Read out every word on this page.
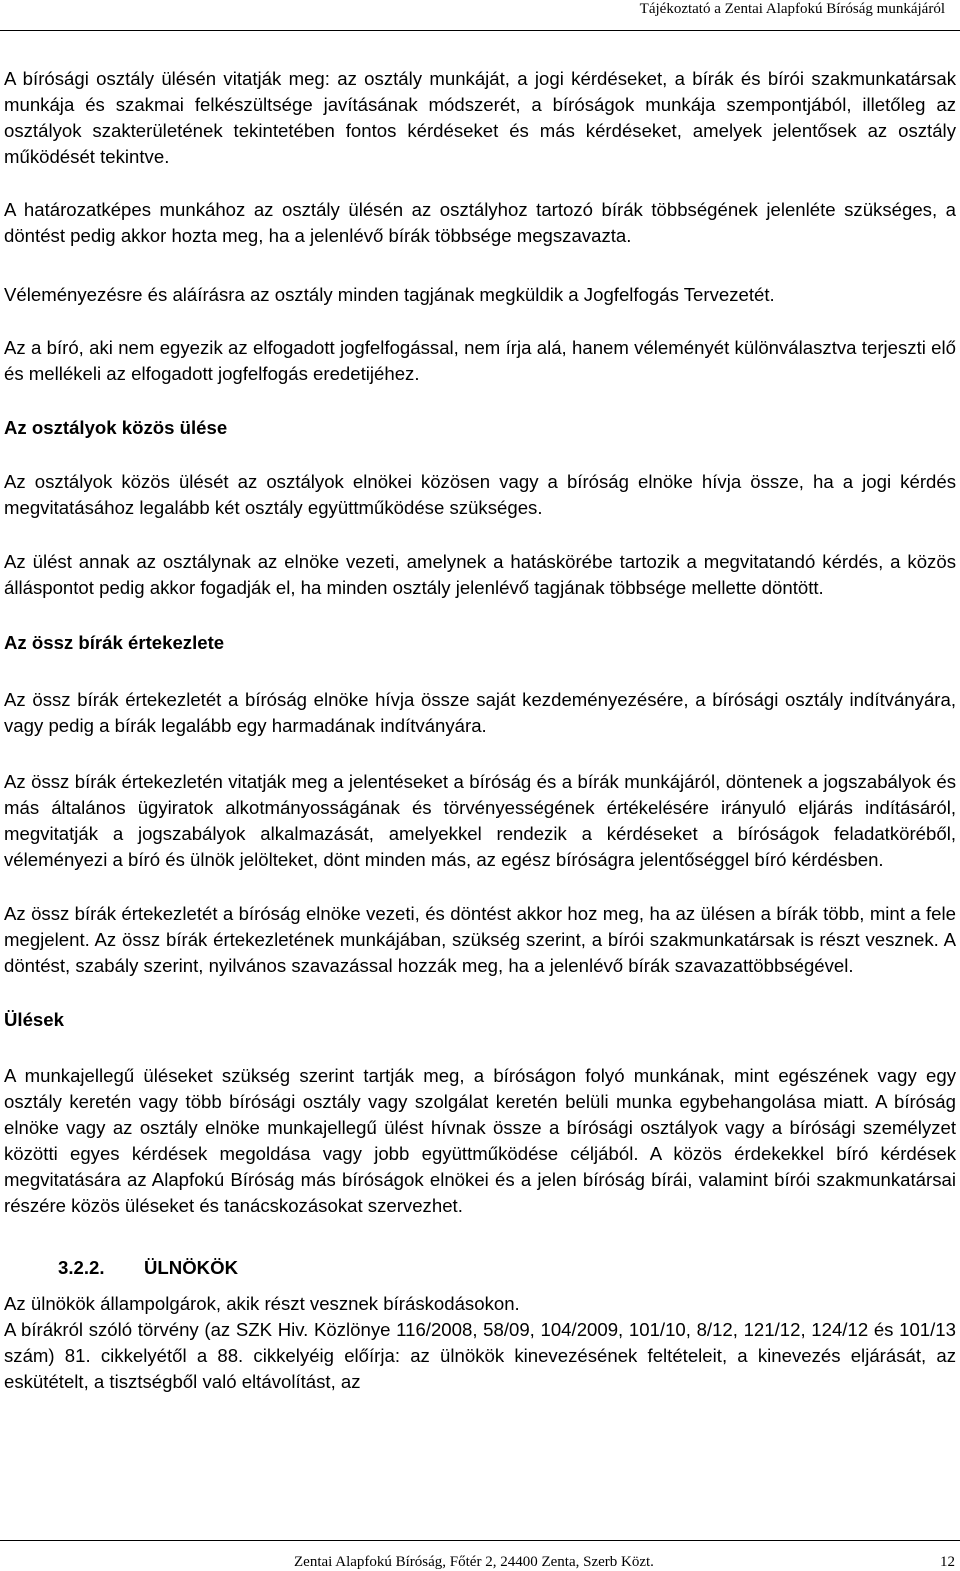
Tájékoztató a Zentai Alapfokú Bíróság munkájáról

A bírósági osztály ülésén vitatják meg: az osztály munkáját, a jogi kérdéseket, a bírák és bírói szakmunkatársak munkája és szakmai felkészültsége javításának módszerét, a bíróságok munkája szempontjából, illetőleg az osztályok szakterületének tekintetében fontos kérdéseket és más kérdéseket, amelyek jelentősek az osztály működését tekintve.

A határozatképes munkához az osztály ülésén az osztályhoz tartozó bírák többségének jelenléte szükséges, a döntést pedig akkor hozta meg, ha a jelenlévő bírák többsége megszavazta.

Véleményezésre és aláírásra az osztály minden tagjának megküldik a Jogfelfogás Tervezetét.

Az a bíró, aki nem egyezik az elfogadott jogfelfogással, nem írja alá, hanem véleményét különválasztva terjeszti elő és mellékeli az elfogadott jogfelfogás eredetijéhez.

Az osztályok közös ülése

Az osztályok közös ülését az osztályok elnökei közösen vagy a bíróság elnöke hívja össze, ha a jogi kérdés megvitatásához legalább két osztály együttműködése szükséges.

Az ülést annak az osztálynak az elnöke vezeti, amelynek a hatáskörébe tartozik a megvitatandó kérdés, a közös álláspontot pedig akkor fogadják el, ha minden osztály jelenlévő tagjának többsége mellette döntött.

Az össz bírák értekezlete

Az össz bírák értekezletét a bíróság elnöke hívja össze saját kezdeményezésére, a bírósági osztály indítványára, vagy pedig a bírák legalább egy harmadának indítványára.

Az össz bírák értekezletén vitatják meg a jelentéseket a bíróság és a bírák munkájáról, döntenek a jogszabályok és más általános ügyiratok alkotmányosságának és törvényességének értékelésére irányuló eljárás indításáról, megvitatják a jogszabályok alkalmazását, amelyekkel rendezik a kérdéseket a bíróságok feladatköréből, véleményezi a bíró és ülnök jelölteket, dönt minden más, az egész bíróságra jelentőséggel bíró kérdésben.

Az össz bírák értekezletét a bíróság elnöke vezeti, és döntést akkor hoz meg, ha az ülésen a bírák több, mint a fele megjelent. Az össz bírák értekezletének munkájában, szükség szerint, a bírói szakmunkatársak is részt vesznek. A döntést, szabály szerint, nyilvános szavazással hozzák meg, ha a jelenlévő bírák szavazattöbbségével.

Ülések

A munkajellegű üléseket szükség szerint tartják meg, a bíróságon folyó munkának, mint egészének vagy egy osztály keretén vagy több bírósági osztály vagy szolgálat keretén belüli munka egybehangolása miatt. A bíróság elnöke vagy az osztály elnöke munkajellegű ülést hívnak össze a bírósági osztályok vagy a bírósági személyzet közötti egyes kérdések megoldása vagy jobb együttműködése céljából. A közös érdekekkel bíró kérdések megvitatására az Alapfokú Bíróság más bíróságok elnökei és a jelen bíróság bírái, valamint bírói szakmunkatársai részére közös üléseket és tanácskozásokat szervezhet.

3.2.2. ÜLNÖKÖK

Az ülnökök állampolgárok, akik részt vesznek bíráskodásokon.

A bírákról szóló törvény (az SZK Hiv. Közlönye 116/2008, 58/09, 104/2009, 101/10, 8/12, 121/12, 124/12 és 101/13 szám) 81. cikkelyétől a 88. cikkelyéig előírja: az ülnökök kinevezésének feltételeit, a kinevezés eljárását, az eskütételt, a tisztségből való eltávolítást, az

Zentai Alapfokú Bíróság, Főtér 2, 24400 Zenta, Szerb Közt.	12
